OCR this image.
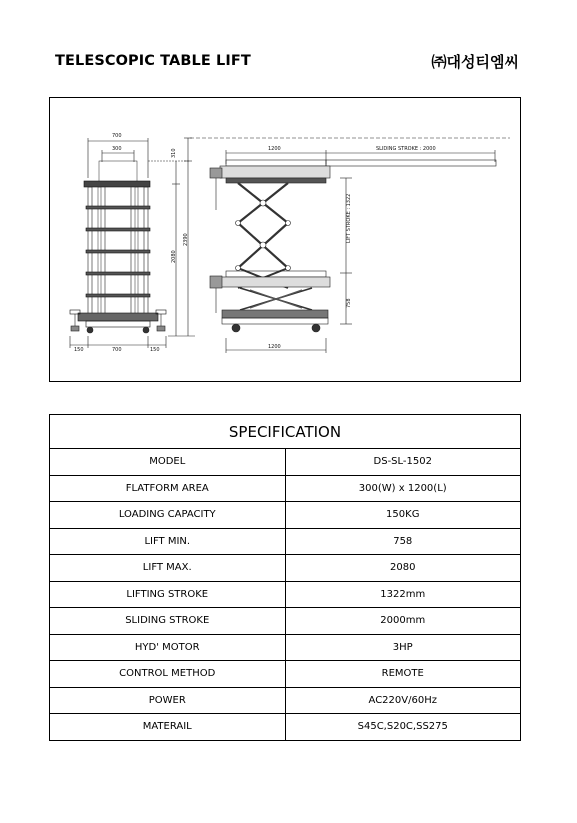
TELESCOPIC TABLE LIFT	㈜대성티엠씨
700
300
150	700	150
2080
2390
310	1200	SLIDING STROKE : 2000
LIFT STROKE : 1322
758
1200
SPECIFICATION	
MODEL	DS-SL-1502
FLATFORM AREA	300(W) x 1200(L)
LOADING CAPACITY	150KG
LIFT MIN.	758
LIFT MAX.	2080
LIFTING STROKE	1322mm
SLIDING STROKE	2000mm
HYD' MOTOR	3HP
CONTROL METHOD	REMOTE
POWER	AC220V/60Hz
MATERAIL	S45C,S20C,SS275
